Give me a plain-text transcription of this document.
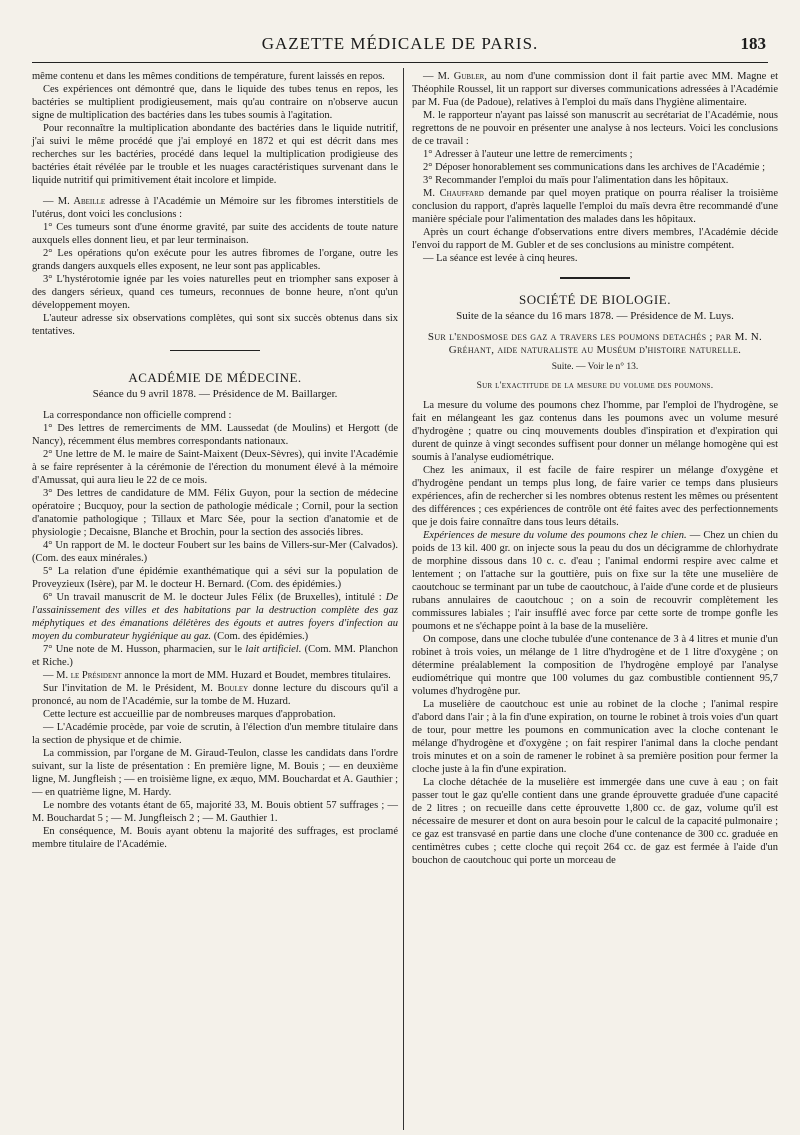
GAZETTE MÉDICALE DE PARIS.	183

même contenu et dans les mêmes conditions de température, furent laissés en repos.

Ces expériences ont démontré que, dans le liquide des tubes tenus en repos, les bactéries se multiplient prodigieusement, mais qu'au contraire on n'observe aucun signe de multiplication des bactéries dans les tubes soumis à l'agitation.

Pour reconnaître la multiplication abondante des bactéries dans le liquide nutritif, j'ai suivi le même procédé que j'ai employé en 1872 et qui est décrit dans mes recherches sur les bactéries, procédé dans lequel la multiplication prodigieuse des bactéries était révélée par le trouble et les nuages caractéristiques survenant dans le liquide nutritif qui primitivement était incolore et limpide.

— M. Abeille adresse à l'Académie un Mémoire sur les fibromes interstitiels de l'utérus, dont voici les conclusions :

1° Ces tumeurs sont d'une énorme gravité, par suite des accidents de toute nature auxquels elles donnent lieu, et par leur terminaison.

2° Les opérations qu'on exécute pour les autres fibromes de l'organe, outre les grands dangers auxquels elles exposent, ne leur sont pas applicables.

3° L'hystérotomie ignée par les voies naturelles peut en triompher sans exposer à des dangers sérieux, quand ces tumeurs, reconnues de bonne heure, n'ont qu'un développement moyen.

L'auteur adresse six observations complètes, qui sont six succès obtenus dans six tentatives.

ACADÉMIE DE MÉDECINE.
Séance du 9 avril 1878. — Présidence de M. Baillarger.

La correspondance non officielle comprend :

1° Des lettres de remerciments de MM. Laussedat (de Moulins) et Hergott (de Nancy), récemment élus membres correspondants nationaux.

2° Une lettre de M. le maire de Saint-Maixent (Deux-Sèvres), qui invite l'Académie à se faire représenter à la cérémonie de l'érection du monument élevé à la mémoire d'Amussat, qui aura lieu le 22 de ce mois.

3° Des lettres de candidature de MM. Félix Guyon, pour la section de médecine opératoire ; Bucquoy, pour la section de pathologie médicale ; Cornil, pour la section d'anatomie pathologique ; Tillaux et Marc Sée, pour la section d'anatomie et de physiologie ; Decaisne, Blanche et Brochin, pour la section des associés libres.

4° Un rapport de M. le docteur Foubert sur les bains de Villers-sur-Mer (Calvados). (Com. des eaux minérales.)

5° La relation d'une épidémie exanthématique qui a sévi sur la population de Proveyzieux (Isère), par M. le docteur H. Bernard. (Com. des épidémies.)

6° Un travail manuscrit de M. le docteur Jules Félix (de Bruxelles), intitulé : De l'assainissement des villes et des habitations par la destruction complète des gaz méphytiques et des émanations délétères des égouts et autres foyers d'infection au moyen du comburateur hygiénique au gaz. (Com. des épidémies.)

7° Une note de M. Husson, pharmacien, sur le lait artificiel. (Com. MM. Planchon et Riche.)

— M. le Président annonce la mort de MM. Huzard et Boudet, membres titulaires.

Sur l'invitation de M. le Président, M. Bouley donne lecture du discours qu'il a prononcé, au nom de l'Académie, sur la tombe de M. Huzard.

Cette lecture est accueillie par de nombreuses marques d'approbation.

— L'Académie procède, par voie de scrutin, à l'élection d'un membre titulaire dans la section de physique et de chimie.

La commission, par l'organe de M. Giraud-Teulon, classe les candidats dans l'ordre suivant, sur la liste de présentation : En première ligne, M. Bouis ; — en deuxième ligne, M. Jungfleish ; — en troisième ligne, ex æquo, MM. Bouchardat et A. Gauthier ; — en quatrième ligne, M. Hardy.

Le nombre des votants étant de 65, majorité 33, M. Bouis obtient 57 suffrages ; — M. Bouchardat 5 ; — M. Jungfleisch 2 ; — M. Gauthier 1.

En conséquence, M. Bouis ayant obtenu la majorité des suffrages, est proclamé membre titulaire de l'Académie.

— M. Gubler, au nom d'une commission dont il fait partie avec MM. Magne et Théophile Roussel, lit un rapport sur diverses communications adressées à l'Académie par M. Fua (de Padoue), relatives à l'emploi du maïs dans l'hygiène alimentaire.

M. le rapporteur n'ayant pas laissé son manuscrit au secrétariat de l'Académie, nous regrettons de ne pouvoir en présenter une analyse à nos lecteurs. Voici les conclusions de ce travail :

1° Adresser à l'auteur une lettre de remerciments ;

2° Déposer honorablement ses communications dans les archives de l'Académie ;

3° Recommander l'emploi du maïs pour l'alimentation dans les hôpitaux.

M. Chauffard demande par quel moyen pratique on pourra réaliser la troisième conclusion du rapport, d'après laquelle l'emploi du maïs devra être recommandé d'une manière spéciale pour l'alimentation des malades dans les hôpitaux.

Après un court échange d'observations entre divers membres, l'Académie décide l'envoi du rapport de M. Gubler et de ses conclusions au ministre compétent.

— La séance est levée à cinq heures.

SOCIÉTÉ DE BIOLOGIE.
Suite de la séance du 16 mars 1878. — Présidence de M. Luys.
Sur l'endosmose des gaz a travers les poumons detachés ; par M. N. Gréhant, aide naturaliste au Muséum d'histoire naturelle.
Suite. — Voir le n° 13.
Sur l'exactitude de la mesure du volume des poumons.

La mesure du volume des poumons chez l'homme, par l'emploi de l'hydrogène, se fait en mélangeant les gaz contenus dans les poumons avec un volume mesuré d'hydrogène ; quatre ou cinq mouvements doubles d'inspiration et d'expiration qui durent de quinze à vingt secondes suffisent pour donner un mélange homogène qui est soumis à l'analyse eudiométrique.

Chez les animaux, il est facile de faire respirer un mélange d'oxygène et d'hydrogène pendant un temps plus long, de faire varier ce temps dans plusieurs expériences, afin de rechercher si les nombres obtenus restent les mêmes ou présentent des différences ; ces expériences de contrôle ont été faites avec des perfectionnements que je dois faire connaître dans tous leurs détails.

Expériences de mesure du volume des poumons chez le chien. — Chez un chien du poids de 13 kil. 400 gr. on injecte sous la peau du dos un décigramme de chlorhydrate de morphine dissous dans 10 c. c. d'eau ; l'animal endormi respire avec calme et lentement ; on l'attache sur la gouttière, puis on fixe sur la tête une muselière de caoutchouc se terminant par un tube de caoutchouc, à l'aide d'une corde et de plusieurs rubans annulaires de caoutchouc ; on a soin de recouvrir complètement les commissures labiales ; l'air insufflé avec force par cette sorte de trompe gonfle les poumons et ne s'échappe point à la base de la muselière.

On compose, dans une cloche tubulée d'une contenance de 3 à 4 litres et munie d'un robinet à trois voies, un mélange de 1 litre d'hydrogène et de 1 litre d'oxygène ; on détermine préalablement la composition de l'hydrogène employé par l'analyse eudiométrique qui montre que 100 volumes du gaz combustible contiennent 95,7 volumes d'hydrogène pur.

La muselière de caoutchouc est unie au robinet de la cloche ; l'animal respire d'abord dans l'air ; à la fin d'une expiration, on tourne le robinet à trois voies d'un quart de tour, pour mettre les poumons en communication avec la cloche contenant le mélange d'hydrogène et d'oxygène ; on fait respirer l'animal dans la cloche pendant trois minutes et on a soin de ramener le robinet à sa première position pour fermer la cloche juste à la fin d'une expiration.

La cloche détachée de la muselière est immergée dans une cuve à eau ; on fait passer tout le gaz qu'elle contient dans une grande éprouvette graduée d'une capacité de 2 litres ; on recueille dans cette éprouvette 1,800 cc. de gaz, volume qu'il est nécessaire de mesurer et dont on aura besoin pour le calcul de la capacité pulmonaire ; ce gaz est transvasé en partie dans une cloche d'une contenance de 300 cc. graduée en centimètres cubes ; cette cloche qui reçoit 264 cc. de gaz est fermée à l'aide d'un bouchon de caoutchouc qui porte un morceau de
